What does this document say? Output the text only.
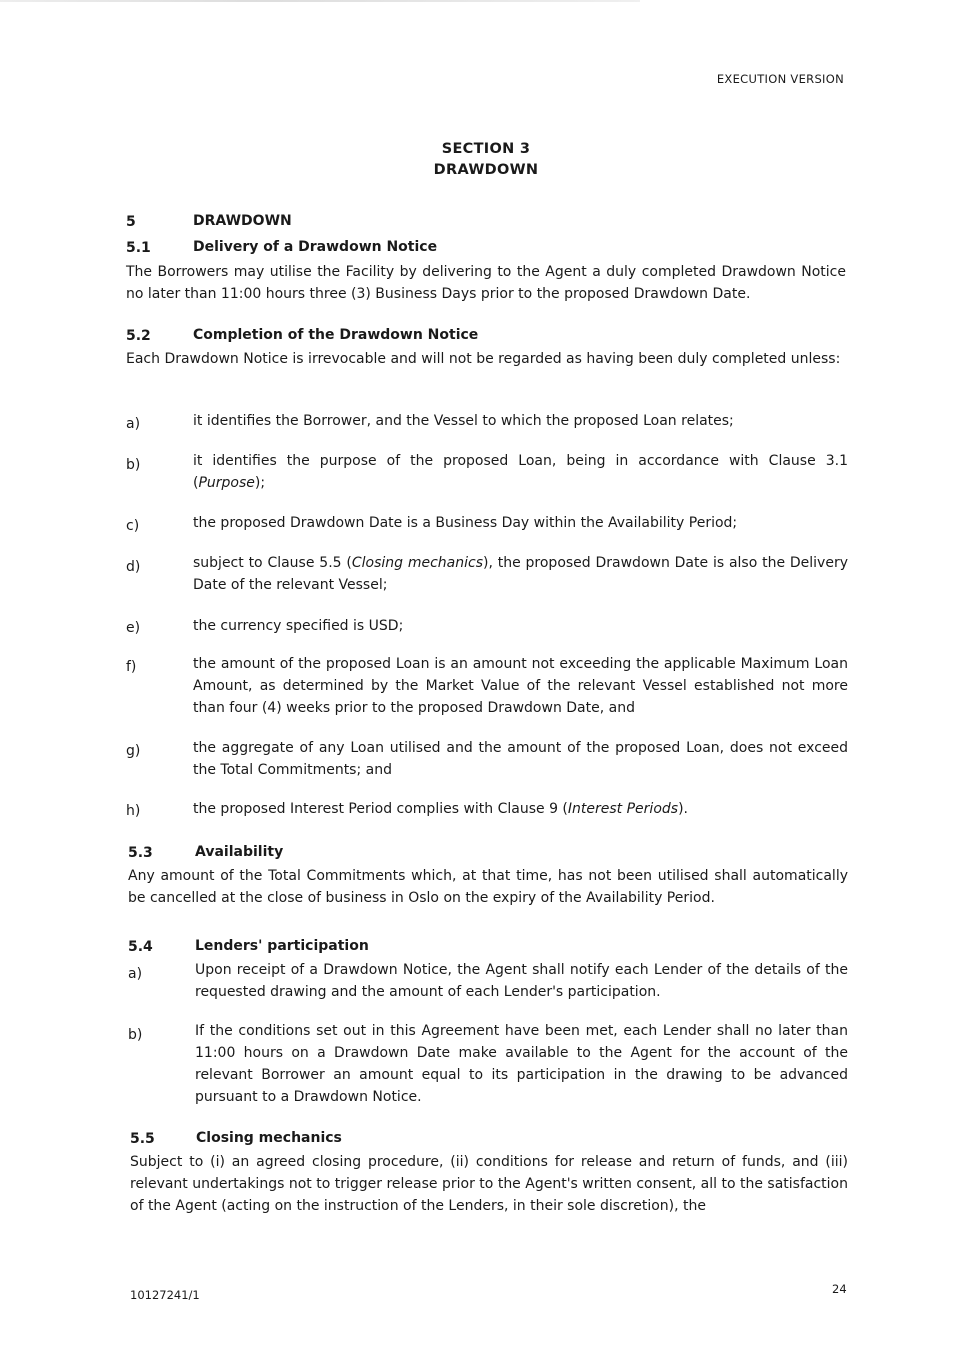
EXECUTION VERSION
SECTION 3
DRAWDOWN
5	DRAWDOWN
5.1	Delivery of a Drawdown Notice
The Borrowers may utilise the Facility by delivering to the Agent a duly completed Drawdown Notice no later than 11:00 hours three (3) Business Days prior to the proposed Drawdown Date.
5.2	Completion of the Drawdown Notice
Each Drawdown Notice is irrevocable and will not be regarded as having been duly completed unless:
a)	it identifies the Borrower, and the Vessel to which the proposed Loan relates;
b)	it identifies the purpose of the proposed Loan, being in accordance with Clause 3.1 (Purpose);
c)	the proposed Drawdown Date is a Business Day within the Availability Period;
d)	subject to Clause 5.5 (Closing mechanics), the proposed Drawdown Date is also the Delivery Date of the relevant Vessel;
e)	the currency specified is USD;
f)	the amount of the proposed Loan is an amount not exceeding the applicable Maximum Loan Amount, as determined by the Market Value of the relevant Vessel established not more than four (4) weeks prior to the proposed Drawdown Date, and
g)	the aggregate of any Loan utilised and the amount of the proposed Loan, does not exceed the Total Commitments; and
h)	the proposed Interest Period complies with Clause 9 (Interest Periods).
5.3	Availability
Any amount of the Total Commitments which, at that time, has not been utilised shall automatically be cancelled at the close of business in Oslo on the expiry of the Availability Period.
5.4	Lenders' participation
a)	Upon receipt of a Drawdown Notice, the Agent shall notify each Lender of the details of the requested drawing and the amount of each Lender's participation.
b)	If the conditions set out in this Agreement have been met, each Lender shall no later than 11:00 hours on a Drawdown Date make available to the Agent for the account of the relevant Borrower an amount equal to its participation in the drawing to be advanced pursuant to a Drawdown Notice.
5.5	Closing mechanics
Subject to (i) an agreed closing procedure, (ii) conditions for release and return of funds, and (iii) relevant undertakings not to trigger release prior to the Agent's written consent, all to the satisfaction of the Agent (acting on the instruction of the Lenders, in their sole discretion), the
10127241/1	24
